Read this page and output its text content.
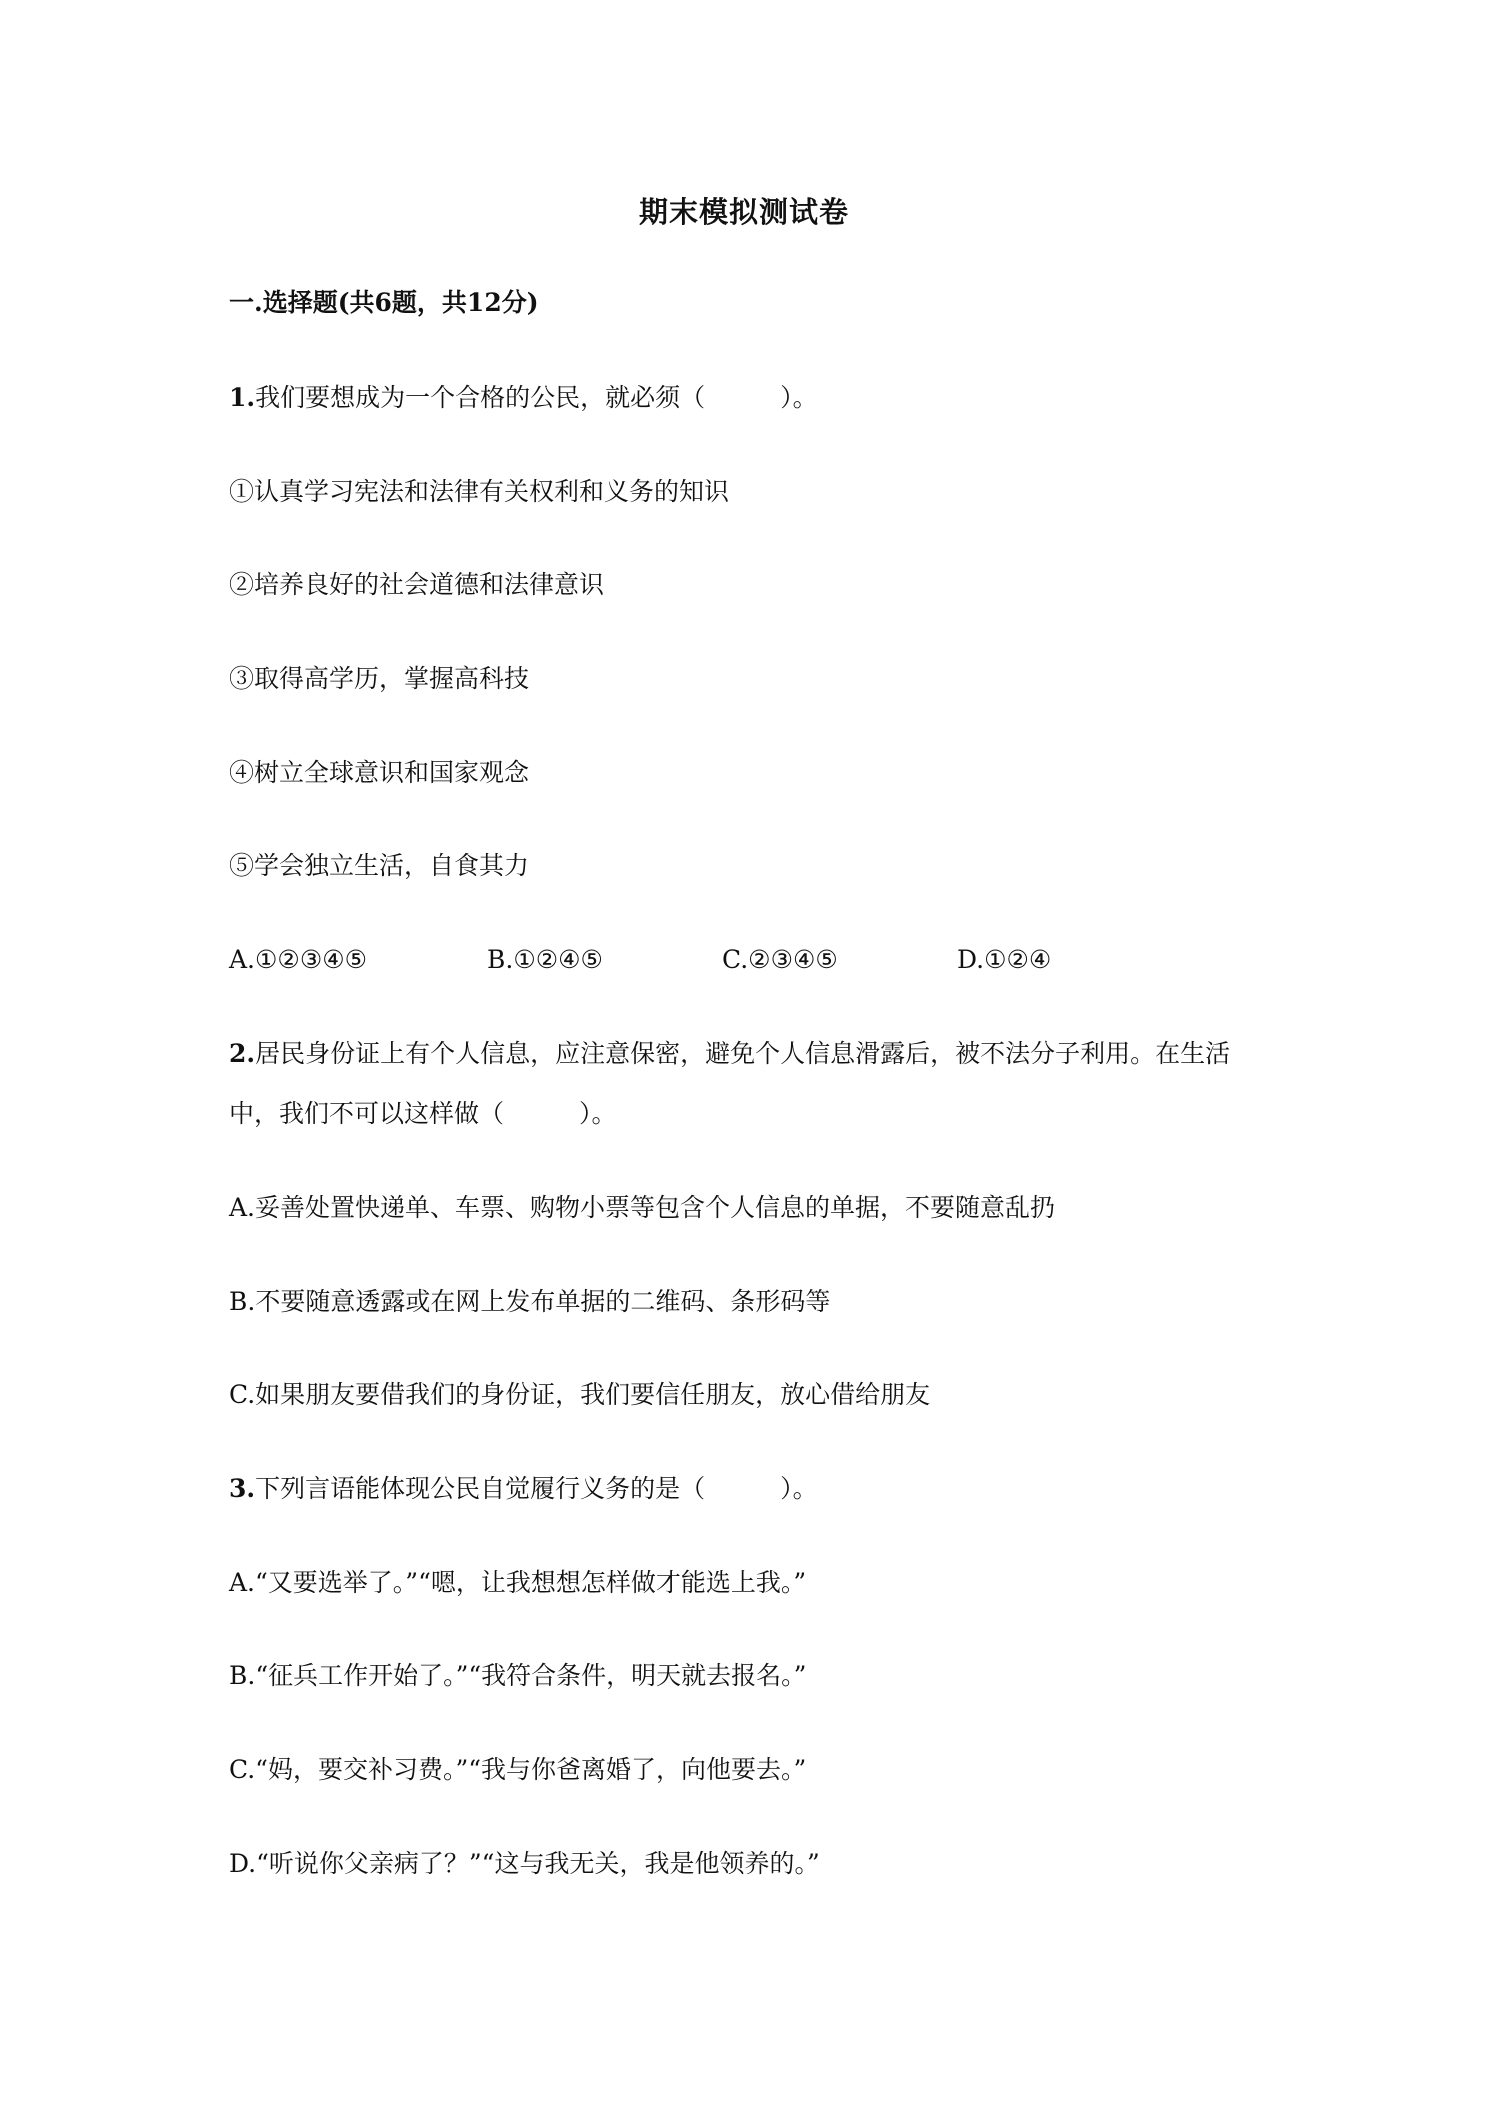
期末模拟测试卷
一.选择题(共6题，共12分)
1.我们要想成为一个合格的公民，就必须（　　　）。
①认真学习宪法和法律有关权利和义务的知识
②培养良好的社会道德和法律意识
③取得高学历，掌握高科技
④树立全球意识和国家观念
⑤学会独立生活，自食其力
A.①②③④⑤	B.①②④⑤	C.②③④⑤	D.①②④
2.居民身份证上有个人信息，应注意保密，避免个人信息滑露后，被不法分子利用。在生活
中，我们不可以这样做（　　　）。
A.妥善处置快递单、车票、购物小票等包含个人信息的单据，不要随意乱扔
B.不要随意透露或在网上发布单据的二维码、条形码等
C.如果朋友要借我们的身份证，我们要信任朋友，放心借给朋友
3.下列言语能体现公民自觉履行义务的是（　　　）。
A.“又要选举了。”“嗯，让我想想怎样做才能选上我。”
B.“征兵工作开始了。”“我符合条件，明天就去报名。”
C.“妈，要交补习费。”“我与你爸离婚了，向他要去。”
D.“听说你父亲病了？”“这与我无关，我是他领养的。”
